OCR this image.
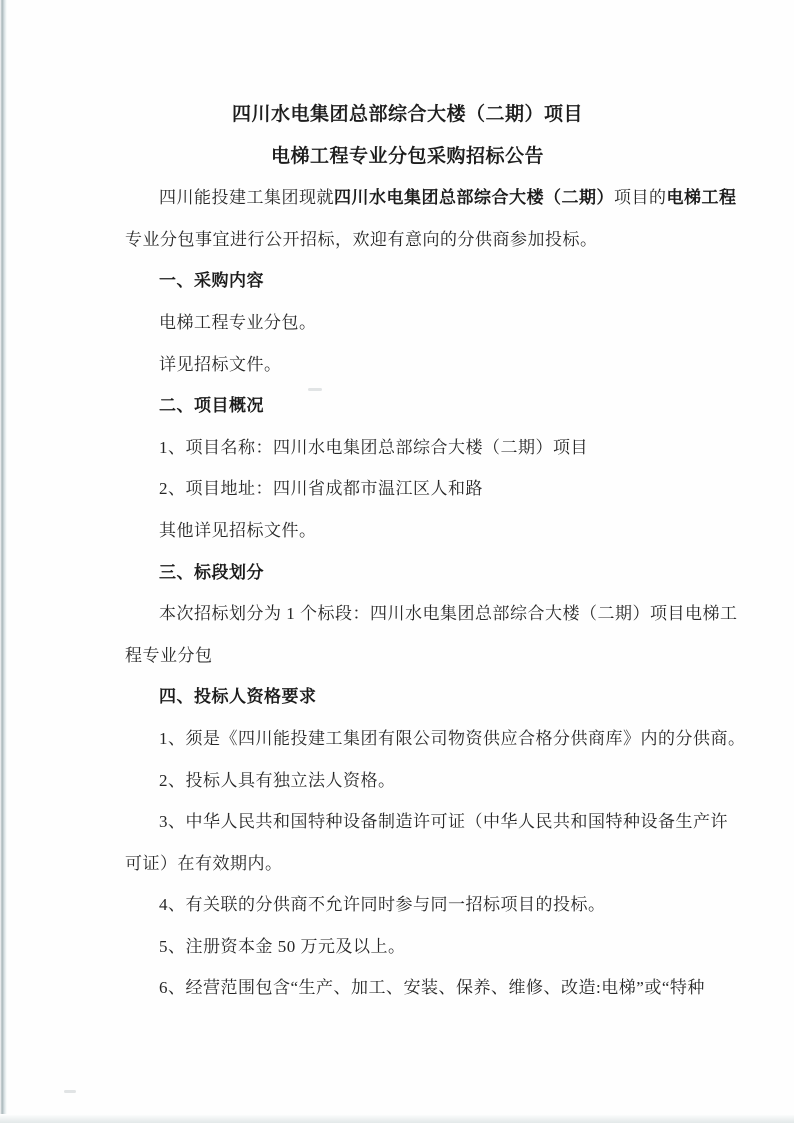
四川水电集团总部综合大楼（二期）项目
电梯工程专业分包采购招标公告
四川能投建工集团现就四川水电集团总部综合大楼（二期）项目的电梯工程
专业分包事宜进行公开招标，欢迎有意向的分供商参加投标。
一、采购内容
电梯工程专业分包。
详见招标文件。
二、项目概况
1、项目名称：四川水电集团总部综合大楼（二期）项目
2、项目地址：四川省成都市温江区人和路
其他详见招标文件。
三、标段划分
本次招标划分为 1 个标段：四川水电集团总部综合大楼（二期）项目电梯工
程专业分包
四、投标人资格要求
1、须是《四川能投建工集团有限公司物资供应合格分供商库》内的分供商。
2、投标人具有独立法人资格。
3、中华人民共和国特种设备制造许可证（中华人民共和国特种设备生产许
可证）在有效期内。
4、有关联的分供商不允许同时参与同一招标项目的投标。
5、注册资本金 50 万元及以上。
6、经营范围包含“生产、加工、安装、保养、维修、改造:电梯”或“特种
